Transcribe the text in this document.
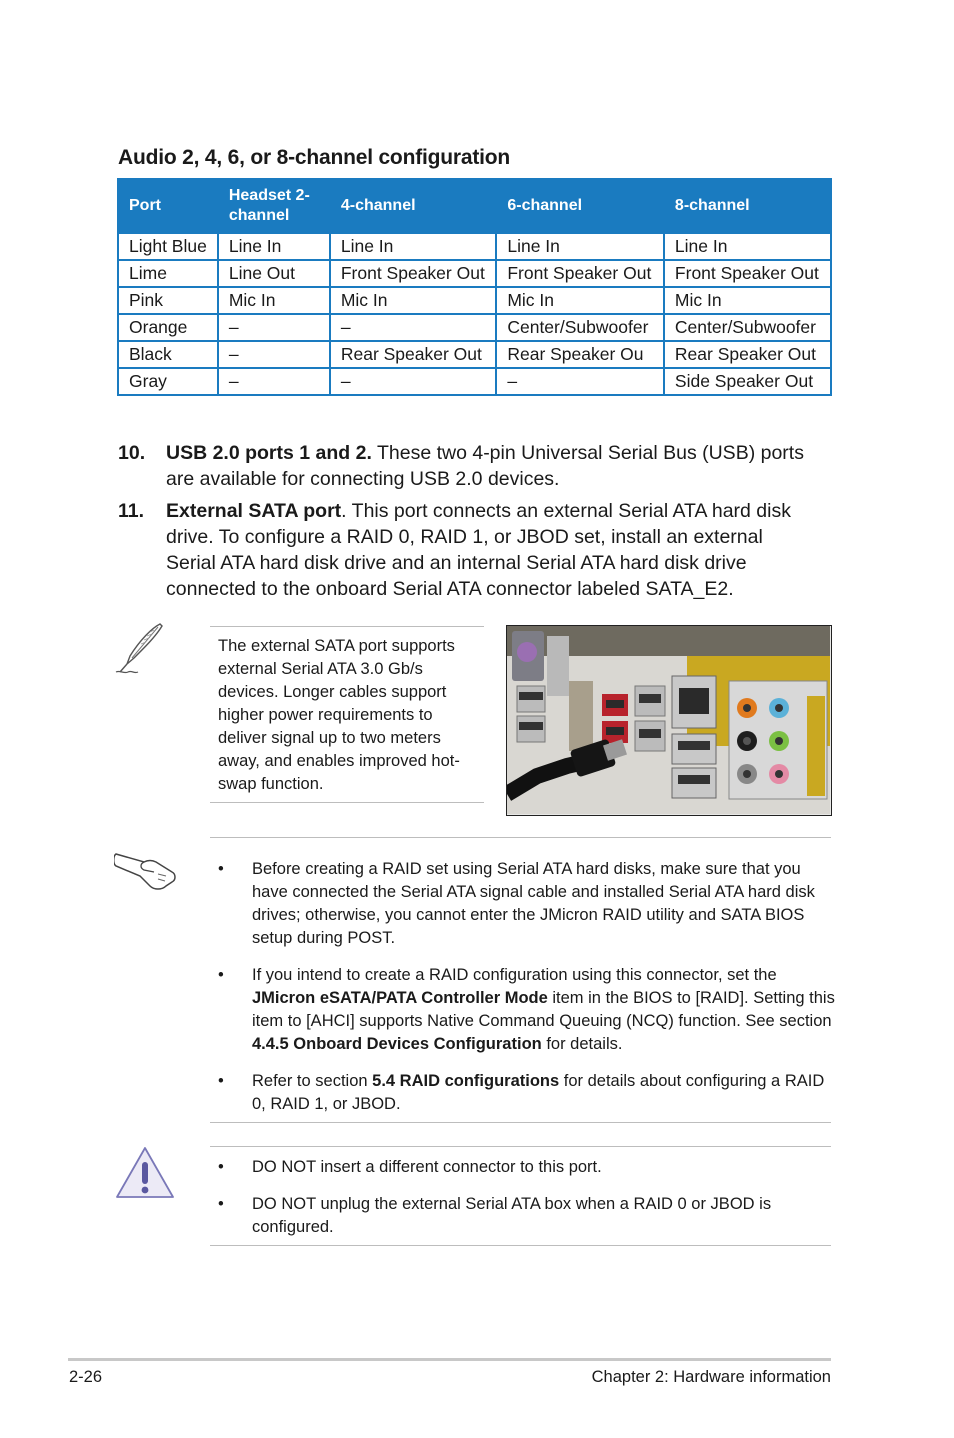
Audio 2, 4, 6, or 8-channel configuration
Port	Headset 2-channel	4-channel	6-channel	8-channel
Light Blue	Line In	Line In	Line In	Line In
Lime	Line Out	Front Speaker Out	Front Speaker Out	Front Speaker Out
Pink	Mic In	Mic In	Mic In	Mic In
Orange	–	–	Center/Subwoofer	Center/Subwoofer
Black	–	Rear Speaker Out	Rear Speaker Ou	Rear Speaker Out
Gray	–	–	–	Side Speaker Out
10. USB 2.0 ports 1 and 2. These two 4-pin Universal Serial Bus (USB) ports are available for connecting USB 2.0 devices.
11. External SATA port. This port connects an external Serial ATA hard disk drive. To configure a RAID 0, RAID 1, or JBOD set, install an external Serial ATA hard disk drive and an internal Serial ATA hard disk drive connected to the onboard Serial ATA connector labeled SATA_E2.
The external SATA port supports external Serial ATA 3.0 Gb/s devices. Longer cables support higher power requirements to deliver signal up to two meters away, and enables improved hot-swap function.
• Before creating a RAID set using Serial ATA hard disks, make sure that you have connected the Serial ATA signal cable and installed Serial ATA hard disk drives; otherwise, you cannot enter the JMicron RAID utility and SATA BIOS setup during POST.
• If you intend to create a RAID configuration using this connector, set the JMicron eSATA/PATA Controller Mode item in the BIOS to [RAID]. Setting this item to [AHCI] supports Native Command Queuing (NCQ) function. See section 4.4.5 Onboard Devices Configuration for details.
• Refer to section 5.4 RAID configurations for details about configuring a RAID 0, RAID 1, or JBOD.
• DO NOT insert a different connector to this port.
• DO NOT unplug the external Serial ATA box when a RAID 0 or JBOD is configured.
2-26	Chapter 2: Hardware information
